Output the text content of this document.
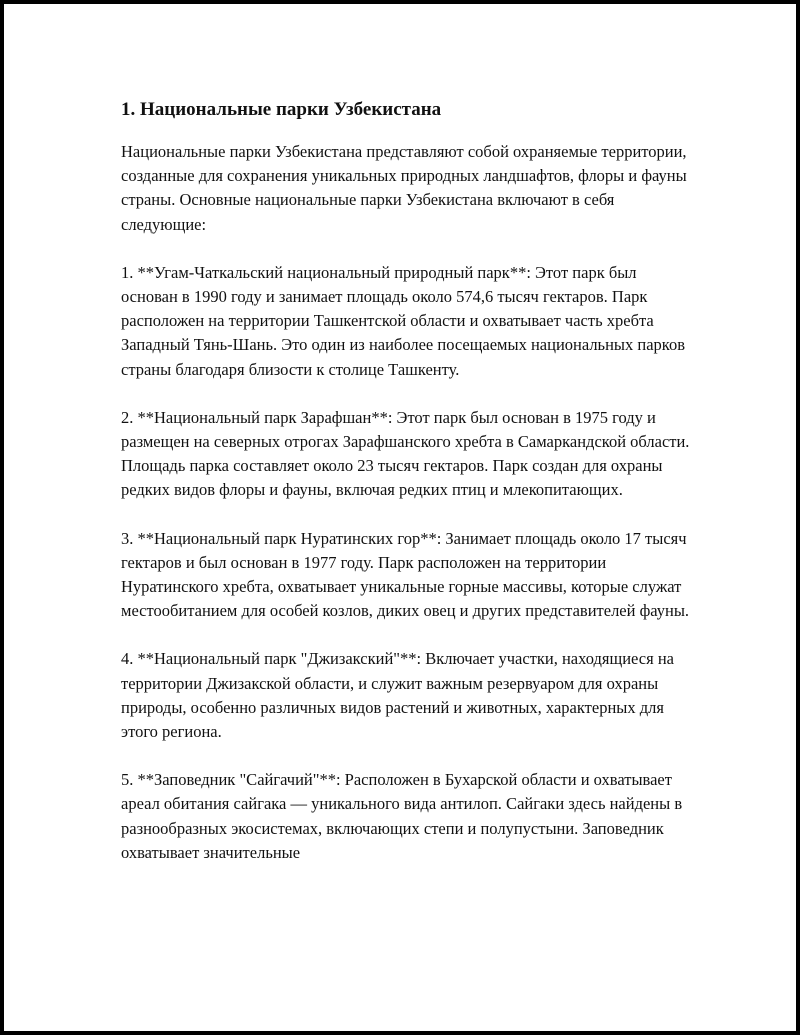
1. Национальные парки Узбекистана

Национальные парки Узбекистана представляют собой охраняемые территории, созданные для сохранения уникальных природных ландшафтов, флоры и фауны страны. Основные национальные парки Узбекистана включают в себя следующие:

1. **Угам-Чаткальский национальный природный парк**: Этот парк был основан в 1990 году и занимает площадь около 574,6 тысяч гектаров. Парк расположен на территории Ташкентской области и охватывает часть хребта Западный Тянь-Шань. Это один из наиболее посещаемых национальных парков страны благодаря близости к столице Ташкенту.

2. **Национальный парк Зарафшан**: Этот парк был основан в 1975 году и размещен на северных отрогах Зарафшанского хребта в Самаркандской области. Площадь парка составляет около 23 тысяч гектаров. Парк создан для охраны редких видов флоры и фауны, включая редких птиц и млекопитающих.

3. **Национальный парк Нуратинских гор**: Занимает площадь около 17 тысяч гектаров и был основан в 1977 году. Парк расположен на территории Нуратинского хребта, охватывает уникальные горные массивы, которые служат местообитанием для особей козлов, диких овец и других представителей фауны.

4. **Национальный парк "Джизакский"**: Включает участки, находящиеся на территории Джизакской области, и служит важным резервуаром для охраны природы, особенно различных видов растений и животных, характерных для этого региона.

5. **Заповедник "Сайгачий"**: Расположен в Бухарской области и охватывает ареал обитания сайгака — уникального вида антилоп. Сайгаки здесь найдены в разнообразных экосистемах, включающих степи и полупустыни. Заповедник охватывает значительные
